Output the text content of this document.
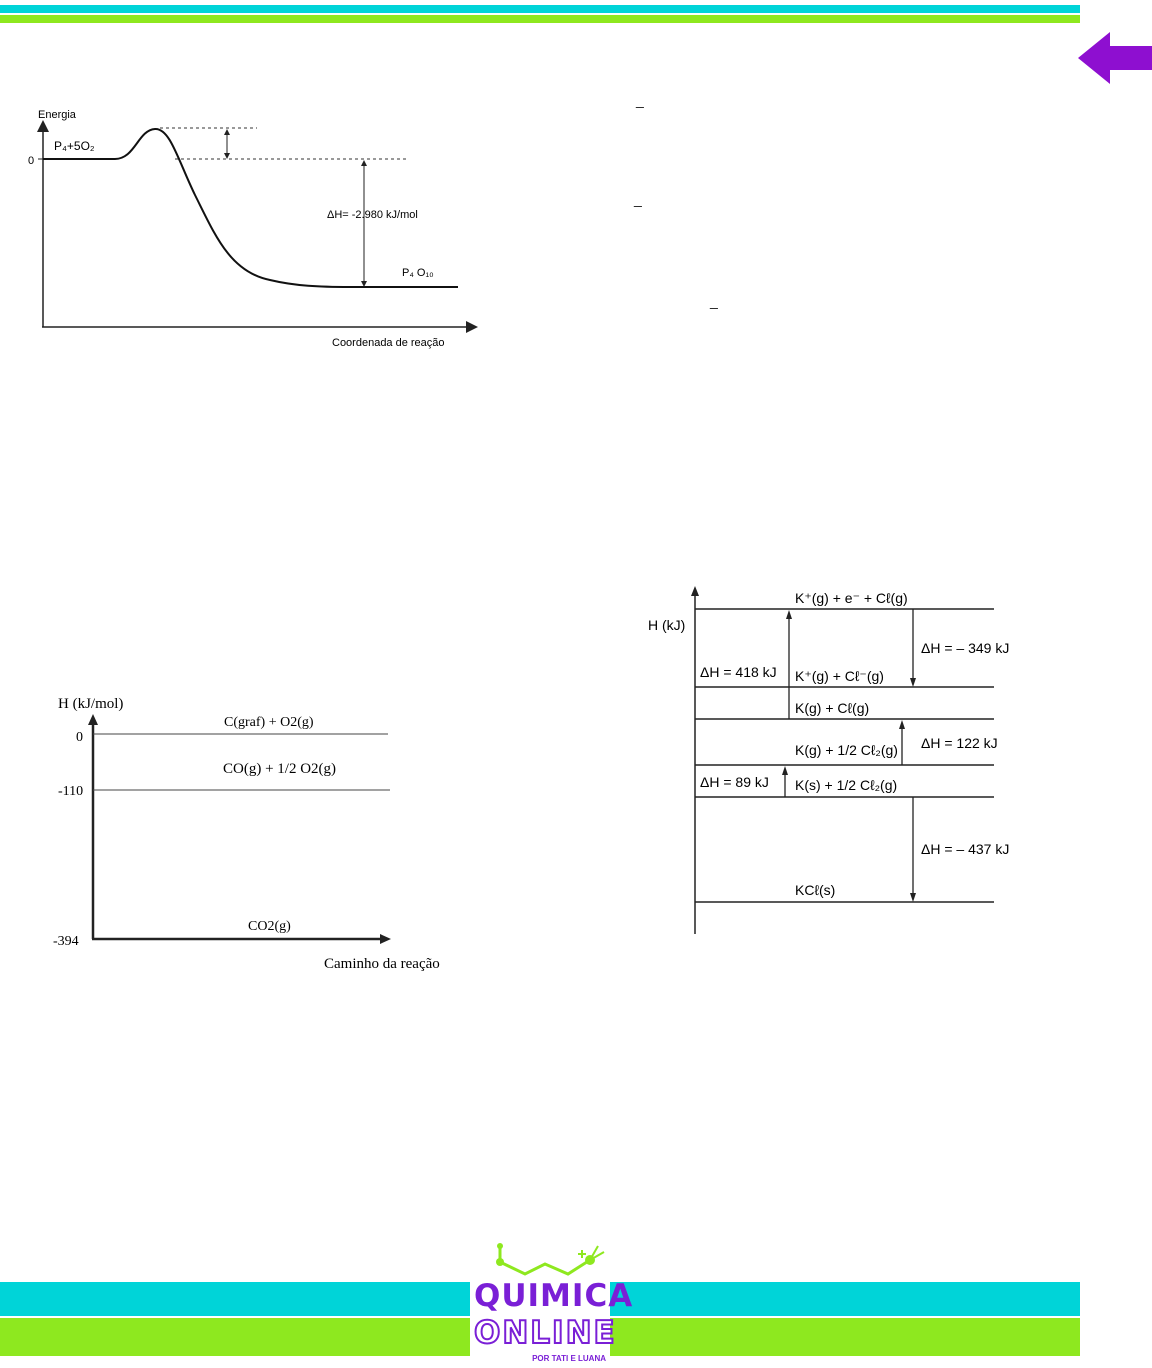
Energia
0
P₄+5O₂
ΔH= -2.980 kJ/mol
P₄ O₁₀
Coordenada de reação
_
_
_
H (kJ/mol)
0
-110
-394
C(graf) + O2(g)
CO(g) + 1/2 O2(g)
CO2(g)
Caminho da reação
H (kJ)
K⁺(g) + e⁻ + Cℓ(g)
K⁺(g) + Cℓ⁻(g)
K(g) + Cℓ(g)
K(g) + 1/2 Cℓ₂(g)
K(s) + 1/2 Cℓ₂(g)
KCℓ(s)
ΔH = 418 kJ
ΔH = – 349 kJ
ΔH = 122 kJ
ΔH = 89 kJ
ΔH = – 437 kJ
QUIMICA
ONLINE
POR TATI E LUANA
